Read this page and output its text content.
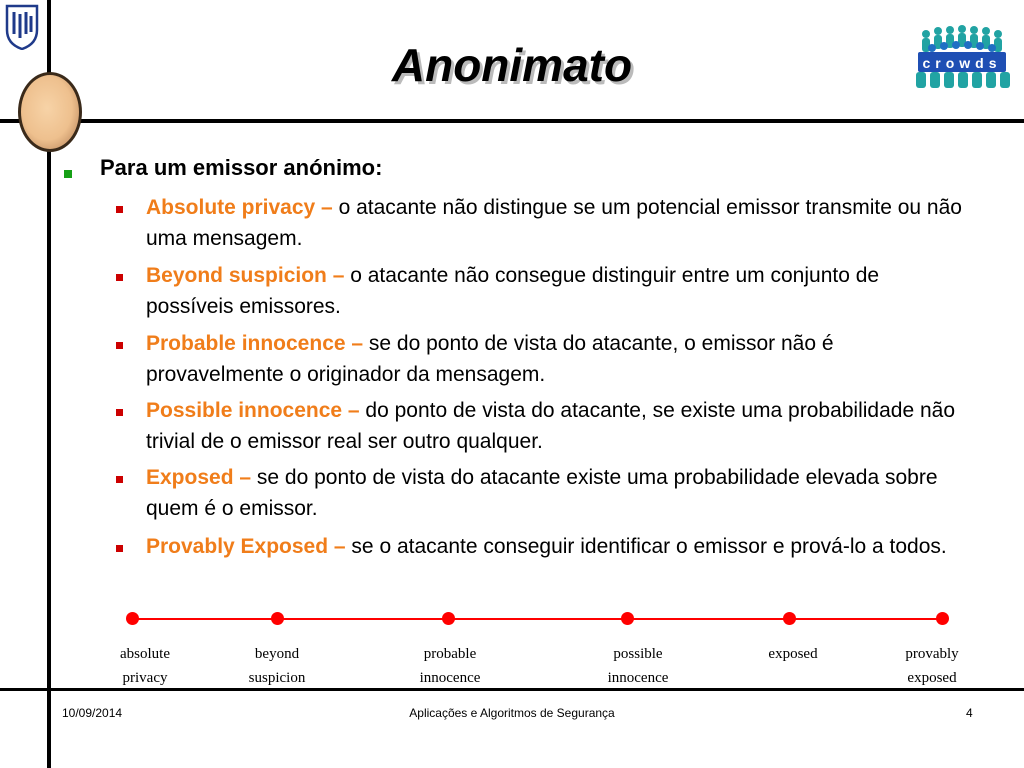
crowds
Anonimato
Para um emissor anónimo:
Absolute privacy – o atacante não distingue se um potencial emissor transmite ou não uma mensagem.
Beyond suspicion – o atacante não consegue distinguir entre um conjunto de possíveis emissores.
Probable innocence – se do ponto de vista do atacante, o emissor não é provavelmente o originador da mensagem.
Possible innocence – do ponto de vista do atacante, se existe uma probabilidade não trivial de o emissor real ser outro qualquer.
Exposed – se do ponto de vista do atacante existe uma probabilidade elevada sobre quem é o emissor.
Provably Exposed – se o atacante conseguir identificar o emissor e prová-lo a todos.
absolute
privacy
beyond
suspicion
probable
innocence
possible
innocence
exposed	provably
exposed
10/09/2014	Aplicações e Algoritmos de Segurança	4
